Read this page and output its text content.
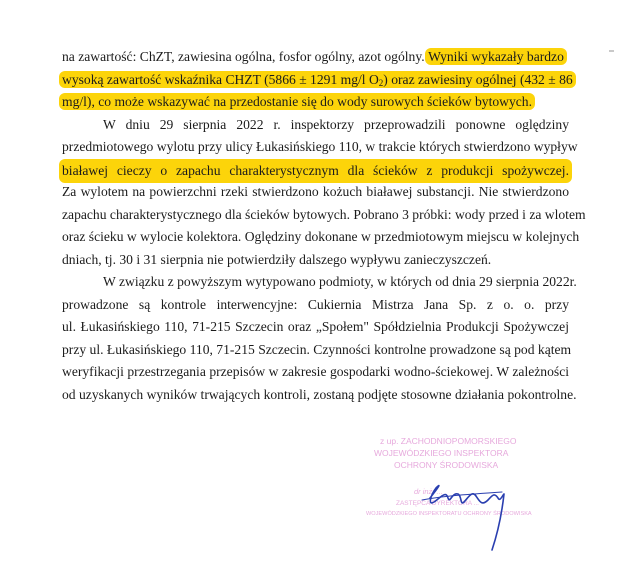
na zawartość: ChZT, zawiesina ogólna, fosfor ogólny, azot ogólny. Wyniki wykazały bardzo
wysoką zawartość wskaźnika CHZT (5866 ± 1291 mg/l $O_2$) oraz zawiesiny ogólnej (432 ± 86
mg/l), co może wskazywać na przedostanie się do wody surowych ścieków bytowych.
W dniu 29 sierpnia 2022 r. inspektorzy przeprowadzili ponowne oględziny
przedmiotowego wylotu przy ulicy Łukasińskiego 110, w trakcie których stwierdzono wypływ
białawej cieczy o zapachu charakterystycznym dla ścieków z produkcji spożywczej.
Za wylotem na powierzchni rzeki stwierdzono kożuch białawej substancji. Nie stwierdzono
zapachu charakterystycznego dla ścieków bytowych. Pobrano 3 próbki: wody przed i za wlotem
oraz ścieku w wylocie kolektora. Oględziny dokonane w przedmiotowym miejscu w kolejnych
dniach, tj. 30 i 31 sierpnia nie potwierdziły dalszego wypływu zanieczyszczeń.
W związku z powyższym wytypowano podmioty, w których od dnia 29 sierpnia 2022r.
prowadzone są kontrole interwencyjne: Cukiernia Mistrza Jana Sp. z o. o. przy
ul. Łukasińskiego 110, 71-215 Szczecin oraz „Społem" Spółdzielnia Produkcji Spożywczej
przy ul. Łukasińskiego 110, 71-215 Szczecin. Czynności kontrolne prowadzone są pod kątem
weryfikacji przestrzegania przepisów w zakresie gospodarki wodno-ściekowej. W zależności
od uzyskanych wyników trwających kontroli, zostaną podjęte stosowne działania pokontrolne.
z up. ZACHODNIOPOMORSKIEGO
WOJEWÓDZKIEGO INSPEKTORA
OCHRONY ŚRODOWISKA
dr inż. ...
ZASTĘPCA DYREKTORA ...
WOJEWÓDZKIEGO INSPEKTORATU OCHRONY ŚRODOWISKA
